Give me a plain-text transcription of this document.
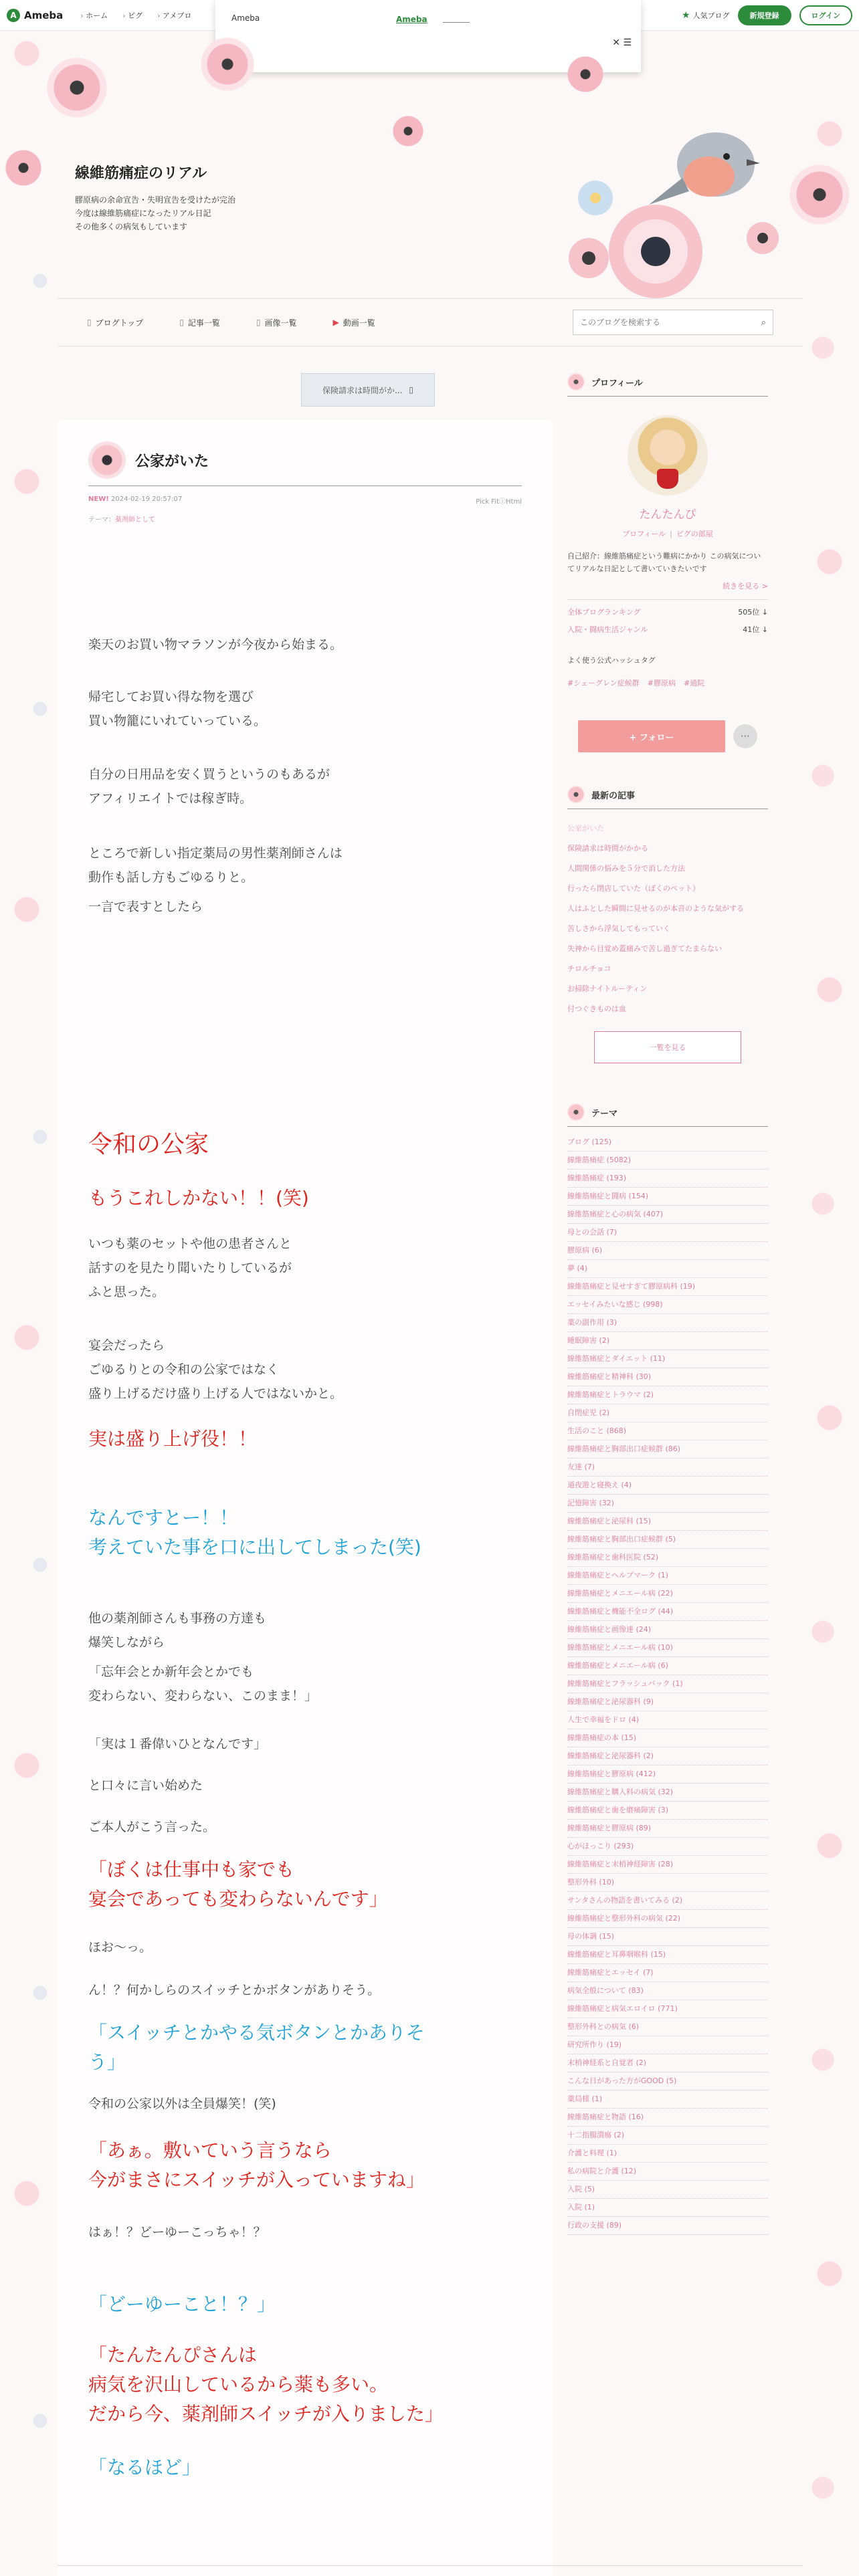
A Ameba	› ホーム	› ピグ	› アメブロ	★ 人気ブログ	新規登録	ログイン
Ameba	Ameba
✕ ☰
線維筋痛症のリアル
膠原病の余命宣告・失明宣告を受けたが完治
今度は線維筋痛症になったリアル日記
その他多くの病気もしています
▯ ブログトップ	▯ 記事一覧	▯ 画像一覧	▶ 動画一覧
このブログを検索する	⌕
保険請求は時間がか... ▯
公家がいた
NEW! 2024-02-19 20:57:07	Pick FitⓘHtml
テーマ：薬剤師として
楽天のお買い物マラソンが今夜から始まる。
帰宅してお買い得な物を選び
買い物籠にいれていっている。
自分の日用品を安く買うというのもあるが
アフィリエイトでは稼ぎ時。
ところで新しい指定薬局の男性薬剤師さんは
動作も話し方もごゆるりと。
一言で表すとしたら
令和の公家
もうこれしかない！！(笑)
いつも薬のセットや他の患者さんと
話すのを見たり聞いたりしているが
ふと思った。
宴会だったら
ごゆるりとの令和の公家ではなく
盛り上げるだけ盛り上げる人ではないかと。
実は盛り上げ役！！
なんですとー！！
考えていた事を口に出してしまった(笑)
他の薬剤師さんも事務の方達も
爆笑しながら
「忘年会とか新年会とかでも
変わらない、変わらない、このまま！」
「実は１番偉いひとなんです」
と口々に言い始めた
ご本人がこう言った。
「ぼくは仕事中も家でも
宴会であっても変わらないんです」
ほお〜っ。
ん！？何かしらのスイッチとかボタンがありそう。
「スイッチとかやる気ボタンとかありそ
う」
令和の公家以外は全員爆笑！(笑)
「あぁ。敷いていう言うなら
今がまさにスイッチが入っていますね」
はぁ！？どーゆーこっちゃ！？
「どーゆーこと！？」
「たんたんぴさんは
病気を沢山しているから薬も多い。
だから今、薬剤師スイッチが入りました」
「なるほど」
プロフィール
たんたんぴ
プロフィール | ピグの部屋
自己紹介：線維筋痛症という難病にかかり この病気についてリアルな日記として書いていきたいです
続きを見る >
全体ブログランキング	505位 ↓
入院・闘病生活ジャンル	41位 ↓
よく使う公式ハッシュタグ
#シェーグレン症候群 #膠原病 #通院
+ フォロー	⋯
最新の記事
公家がいた
保険請求は時間がかかる
人間関係の悩みを５分で消した方法
行ったら閉店していた（ぼくのペット）
人はふとした瞬間に見せるのが本音のような気がする
苦しさから浮気してもっていく
失神から目覚め蓋痛みで苦し過ぎてたまらない
チロルチョコ
お掃除ナイトルーティン
付つぐきものは血
一覧を見る
テーマ
ブログ (125)
線維筋痛症 (5082)
線維筋痛症 (193)
線維筋痛症と闘病 (154)
線維筋痛症と心の病気 (407)
母との会話 (7)
膠原病 (6)
夢 (4)
線維筋痛症と見せすぎて膠原病科 (19)
エッセイみたいな感じ (998)
薬の副作用 (3)
睡眠障害 (2)
線維筋痛症とダイエット (11)
線維筋痛症と精神科 (30)
線維筋痛症とトラウマ (2)
自閉症児 (2)
生活のこと (868)
線維筋痛症と胸部出口症候群 (86)
友達 (7)
通夜遊と寝換え (4)
記憶障害 (32)
線維筋痛症と泌尿科 (15)
線維筋痛症と胸部出口症候群 (5)
線維筋痛症と歯科医院 (52)
線維筋痛症とヘルプマーク (1)
線維筋痛症とメニエール病 (22)
線維筋痛症と機能不全ログ (44)
線維筋痛症と画像達 (24)
線維筋痛症とメニエール病 (10)
線維筋痛症とメニエール病 (6)
線維筋痛症とフラッシュバック (1)
線維筋痛症と泌尿器科 (9)
人生で幸福をドロ (4)
線維筋痛症の本 (15)
線維筋痛症と泌尿器科 (2)
線維筋痛症と膠原病 (412)
線維筋痛症と購入料の病気 (32)
線維筋痛症と歯を磨痛障害 (3)
線維筋痛症と膠原病 (89)
心がほっこり (293)
線維筋痛症と末梢神経障害 (28)
整形外科 (10)
サンタさんの物語を書いてみる (2)
線維筋痛症と整形外科の病気 (22)
母の体調 (15)
線維筋痛症と耳鼻咽喉科 (15)
線維筋痛症とエッセイ (7)
病気全般について (83)
線維筋痛症と病気エロイロ (771)
整形外科との病気 (6)
研究所作り (19)
末梢神経系と自覚者 (2)
こんな日があった方がGOOD (5)
薬局様 (1)
線維筋痛症と物語 (16)
十二指腸潰瘍 (2)
介護と料理 (1)
私の病院と介護 (12)
入院 (5)
入院 (1)
行政の支援 (89)
